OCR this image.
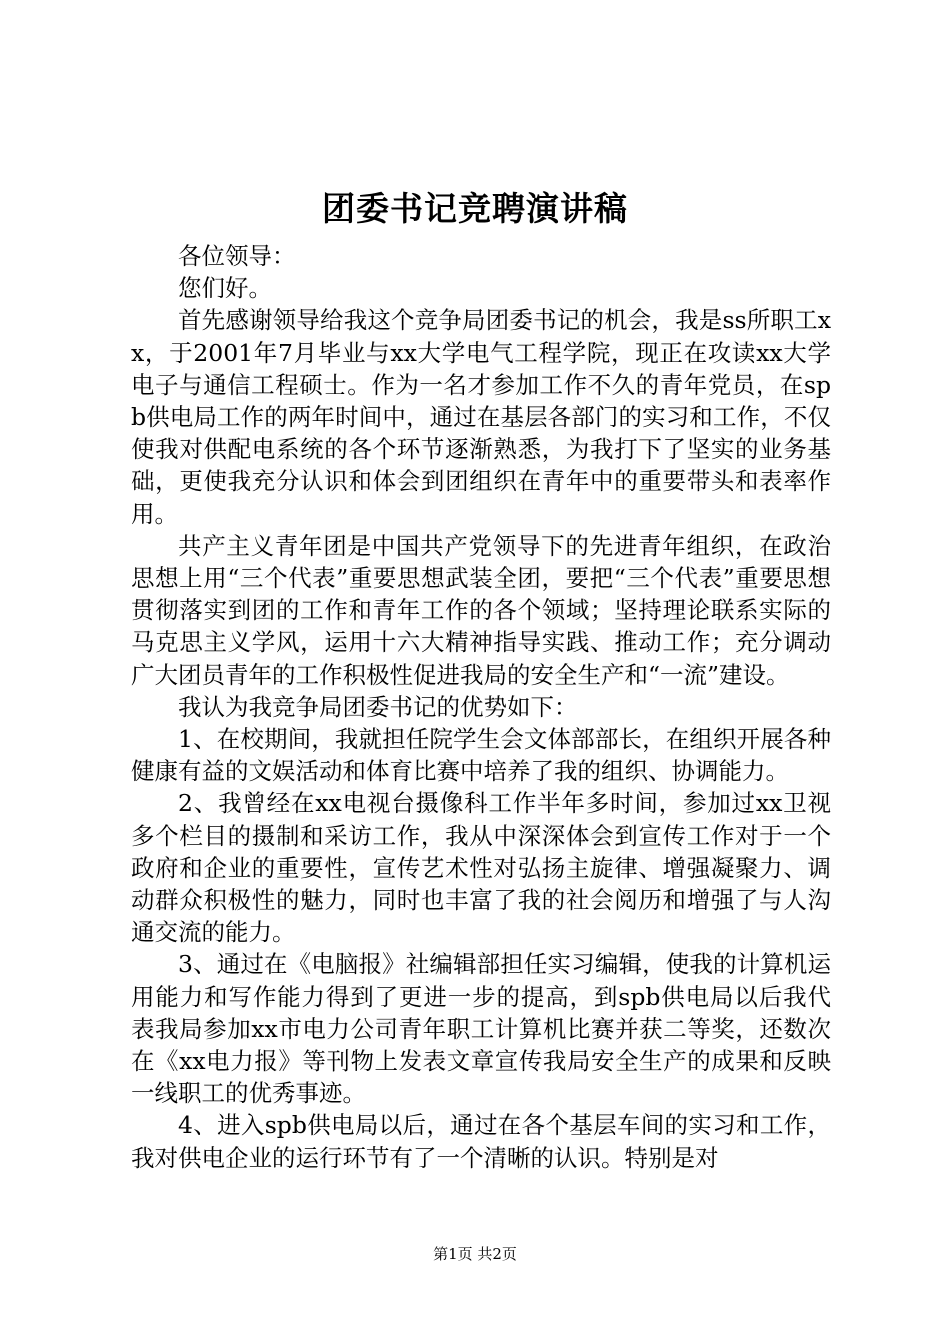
团委书记竞聘演讲稿

各位领导：

您们好。

首先感谢领导给我这个竞争局团委书记的机会，我是ss所职工xx，于2001年7月毕业与xx大学电气工程学院，现正在攻读xx大学电子与通信工程硕士。作为一名才参加工作不久的青年党员，在spb供电局工作的两年时间中，通过在基层各部门的实习和工作，不仅使我对供配电系统的各个环节逐渐熟悉，为我打下了坚实的业务基础，更使我充分认识和体会到团组织在青年中的重要带头和表率作用。

共产主义青年团是中国共产党领导下的先进青年组织，在政治思想上用“三个代表”重要思想武装全团，要把“三个代表”重要思想贯彻落实到团的工作和青年工作的各个领域；坚持理论联系实际的马克思主义学风，运用十六大精神指导实践、推动工作；充分调动广大团员青年的工作积极性促进我局的安全生产和“一流”建设。

我认为我竞争局团委书记的优势如下：

1、在校期间，我就担任院学生会文体部部长，在组织开展各种健康有益的文娱活动和体育比赛中培养了我的组织、协调能力。

2、我曾经在xx电视台摄像科工作半年多时间，参加过xx卫视多个栏目的摄制和采访工作，我从中深深体会到宣传工作对于一个政府和企业的重要性，宣传艺术性对弘扬主旋律、增强凝聚力、调动群众积极性的魅力，同时也丰富了我的社会阅历和增强了与人沟通交流的能力。

3、通过在《电脑报》社编辑部担任实习编辑，使我的计算机运用能力和写作能力得到了更进一步的提高，到spb供电局以后我代表我局参加xx市电力公司青年职工计算机比赛并获二等奖，还数次在《xx电力报》等刊物上发表文章宣传我局安全生产的成果和反映一线职工的优秀事迹。

4、进入spb供电局以后，通过在各个基层车间的实习和工作，我对供电企业的运行环节有了一个清晰的认识。特别是对

第1页 共2页
